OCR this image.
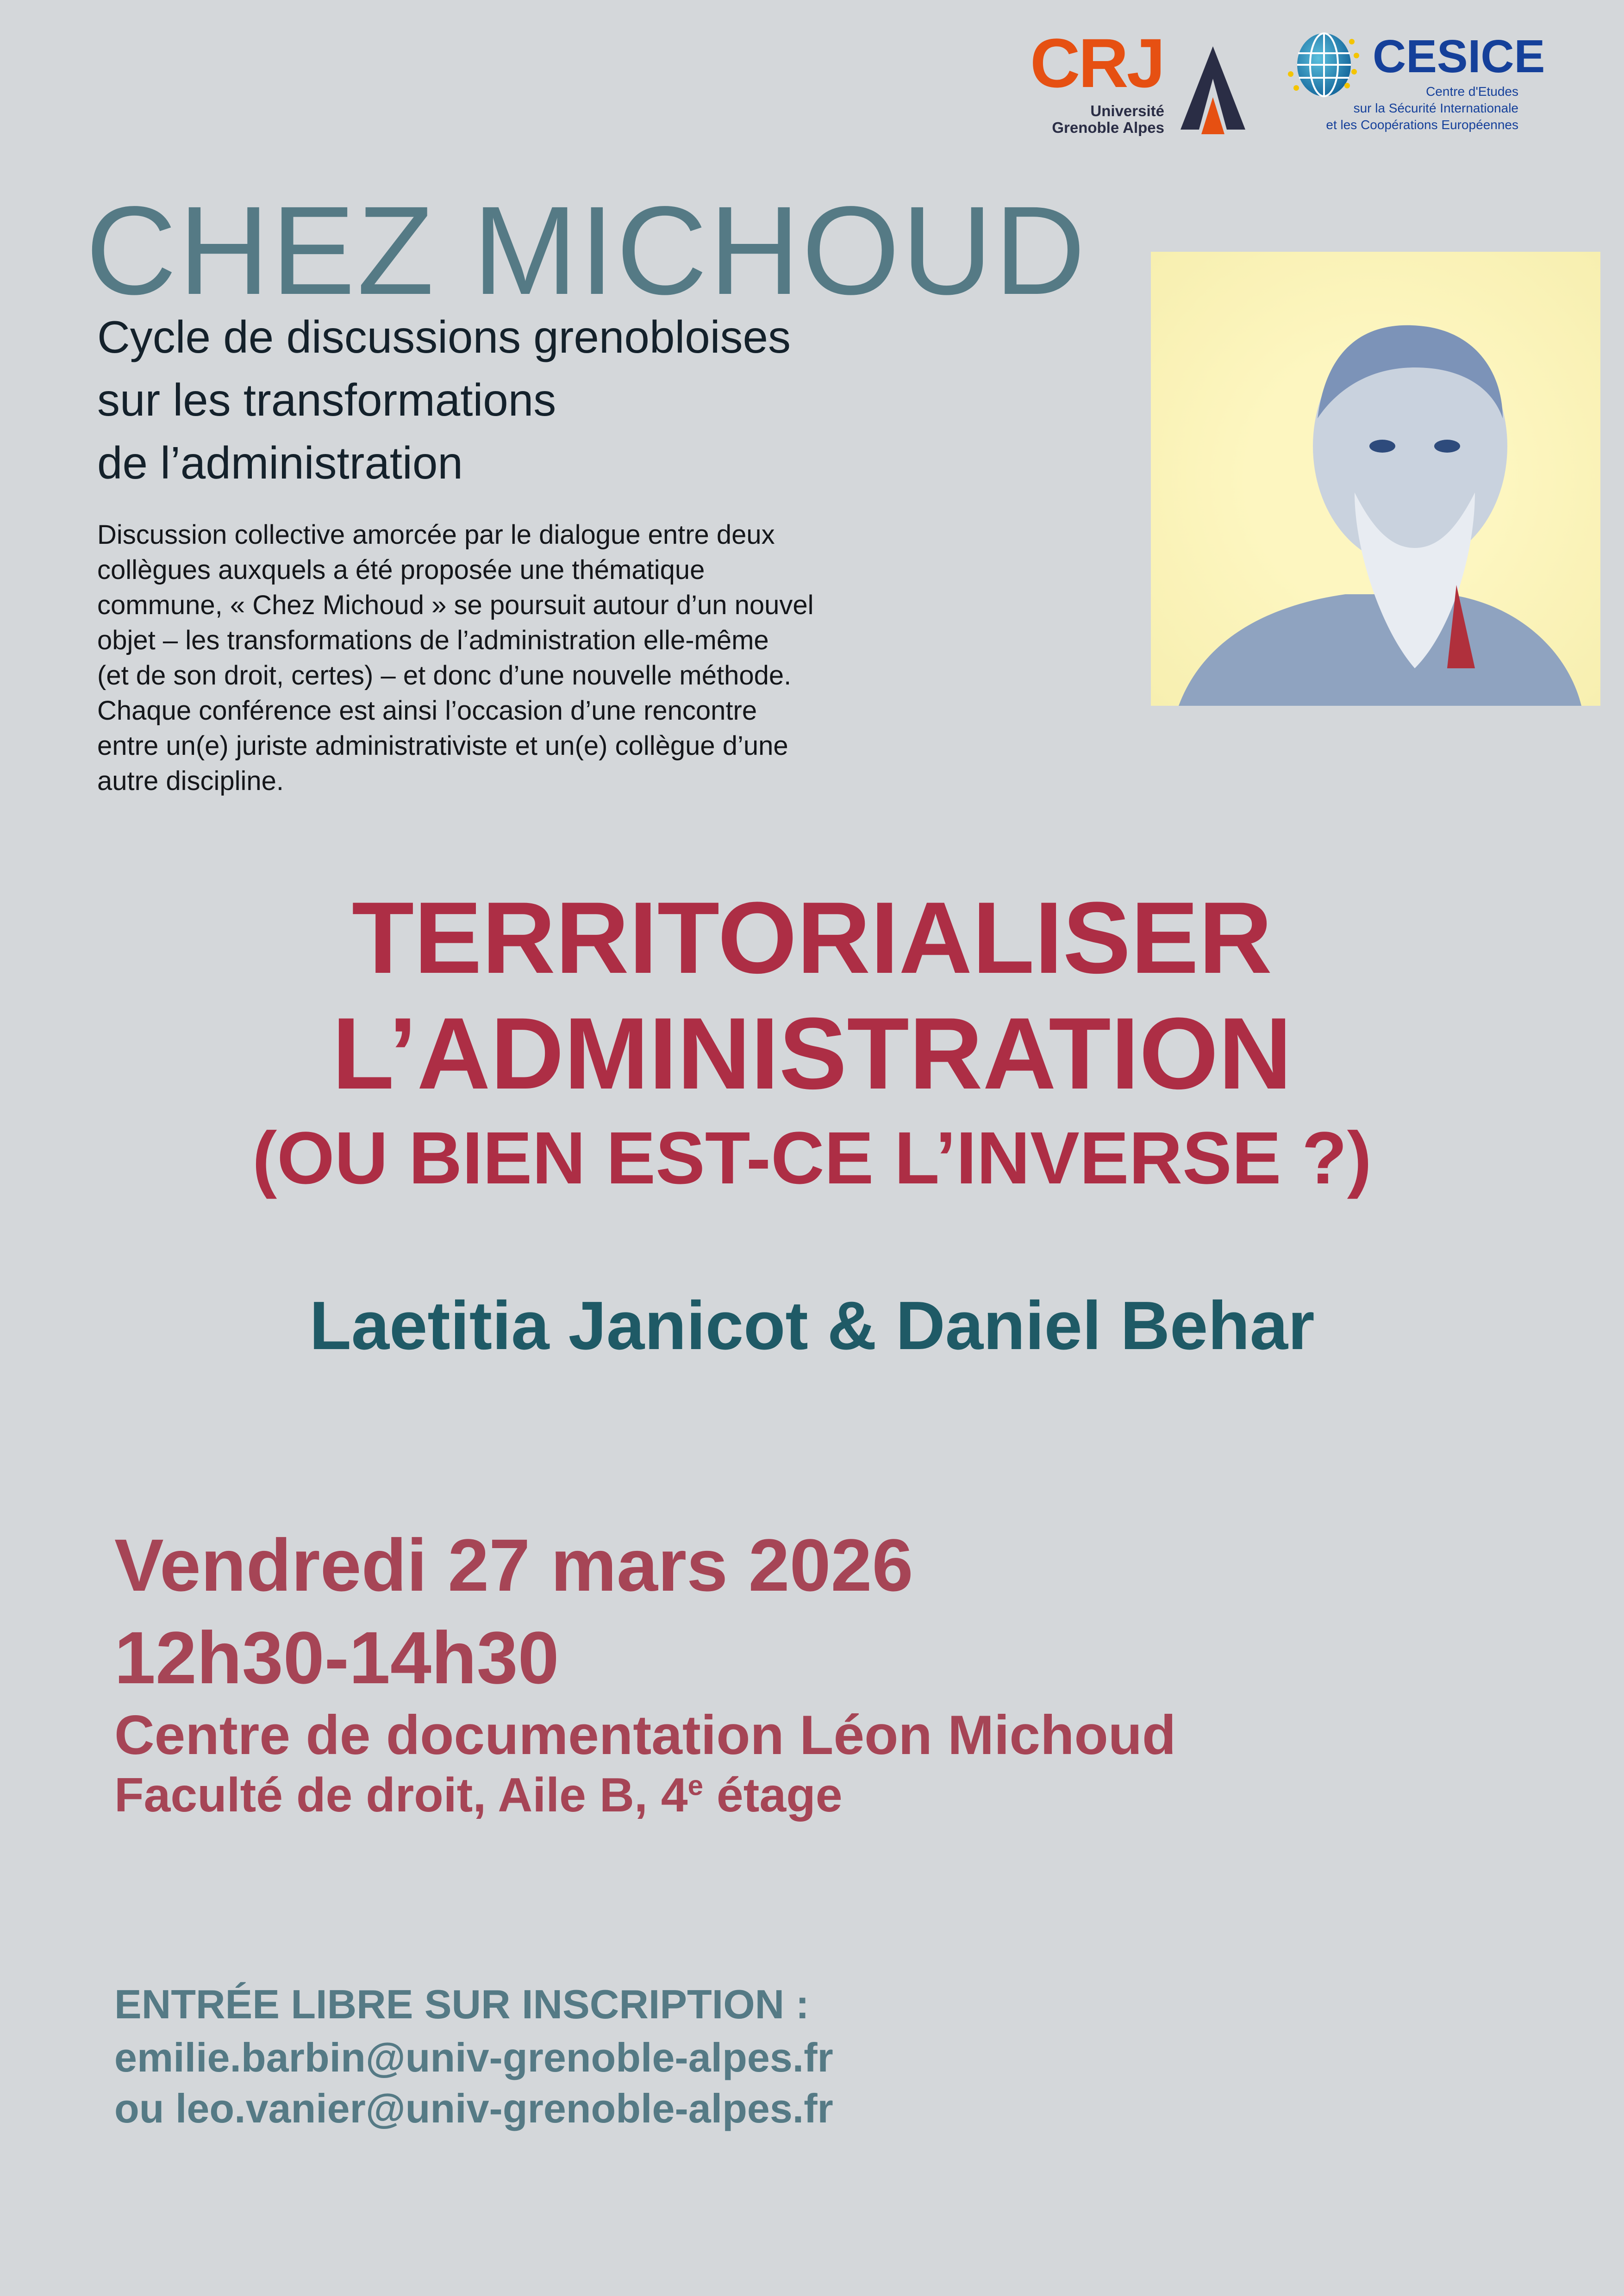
CRJ
Université
Grenoble Alpes
CESICE
Centre d'Etudes
sur la Sécurité Internationale
et les Coopérations Européennes
CHEZ MICHOUD
Cycle de discussions grenobloises
sur les transformations
de l’administration
Discussion collective amorcée par le dialogue entre deux
collègues auxquels a été proposée une thématique
commune, « Chez Michoud » se poursuit autour d’un nouvel
objet – les transformations de l’administration elle-même
(et de son droit, certes) – et donc d’une nouvelle méthode.
Chaque conférence est ainsi l’occasion d’une rencontre
entre un(e) juriste administrativiste et un(e) collègue d’une
autre discipline.
TERRITORIALISER
L’ADMINISTRATION
(OU BIEN EST-CE L’INVERSE ?)
Laetitia Janicot & Daniel Behar
Vendredi 27 mars 2026
12h30-14h30
Centre de documentation Léon Michoud
Faculté de droit, Aile B, 4e étage
ENTRÉE LIBRE SUR INSCRIPTION :
emilie.barbin@univ-grenoble-alpes.fr
ou leo.vanier@univ-grenoble-alpes.fr
